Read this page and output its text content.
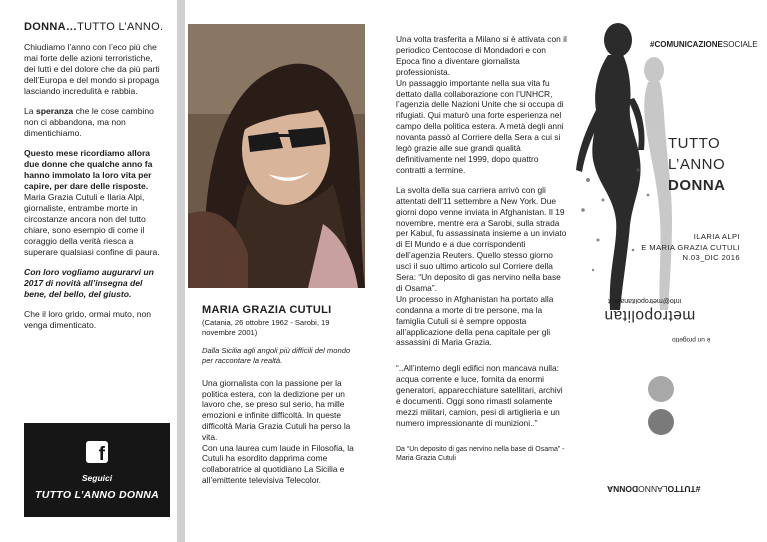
DONNA…TUTTO L’ANNO.

Chiudiamo l’anno con l’eco più che mai forte delle azioni terroristiche, dei lutti e del dolore che da più parti dell’Europa e del mondo si propaga lasciando incredulità e rabbia.

La speranza che le cose cambino non ci abbandona, ma non dimentichiamo.

Questo mese ricordiamo allora due donne che qualche anno fa hanno immolato la loro vita per capire, per dare delle risposte. Maria Grazia Cutuli e Ilaria Alpi, giornaliste, entrambe morte in circostanze ancora non del tutto chiare, sono esempio di come il coraggio della verità riesca a superare qualsiasi confine di paura.

Con loro vogliamo augurarvi un 2017 di novità all’insegna del bene, del bello, del giusto.

Che il loro grido, ormai muto, non venga dimenticato.

f
Seguici
TUTTO L’ANNO DONNA
MARIA GRAZIA CUTULI
(Catania, 26 ottobre 1962 - Sarobi, 19 novembre 2001)
Dalla Sicilia agli angoli più difficili del mondo per raccontare la realtà.
Una giornalista con la passione per la politica estera, con la dedizione per un lavoro che, se preso sul serio, ha mille emozioni e infinite difficoltà. In queste difficoltà Maria Grazia Cutuli ha perso la vita.
Con una laurea cum laude in Filosofia, la Cutuli ha esordito dapprima come collaboratrice al quotidiano La Sicilia e all’emittente televisiva Telecolor.

Una volta trasferita a Milano si è attivata con il periodico Centocose di Mondadori e con Epoca fino a diventare giornalista professionista.
Un passaggio importante nella sua vita fu dettato dalla collaborazione con l’UNHCR, l’agenzia delle Nazioni Unite che si occupa di rifugiati. Qui maturò una forte esperienza nel campo della politica estera. A metà degli anni novanta passò al Corriere della Sera a cui si legò grazie alle sue grandi qualità definitivamente nel 1999, dopo quattro contratti a termine.

La svolta della sua carriera arrivò con gli attentati dell’11 settembre a New York. Due giorni dopo venne inviata in Afghanistan. Il 19 novembre, mentre era a Sarobi, sulla strada per Kabul, fu assassinata insieme a un inviato di El Mundo e a due corrispondenti dell’agenzia Reuters. Quello stesso giorno uscì il suo ultimo articolo sul Corriere della Sera: “Un deposito di gas nervino nella base di Osama”.
Un processo in Afghanistan ha portato alla condanna a morte di tre persone, ma la famiglia Cutuli si è sempre opposta all’applicazione della pena capitale per gli assassini di Maria Grazia.

“..All’interno degli edifici non mancava nulla: acqua corrente e luce, fornita da enormi generatori, apparecchiature satellitari, archivi e documenti. Oggi sono rimasti solamente mezzi militari, camion, pesi di artiglieria e un numero impressionante di munizioni..”

Da “Un deposito di gas nervino nella base di Osama” - Maria Grazia Cutuli

#COMUNICAZIONESOCIALE
TUTTO
L’ANNO
DONNA
ILARIA ALPI
E MARIA GRAZIA CUTULI
N.03_DIC 2016
è un progetto
metropolitan
info@metropolitanadv.it
#TUTTOLANNODONNA
